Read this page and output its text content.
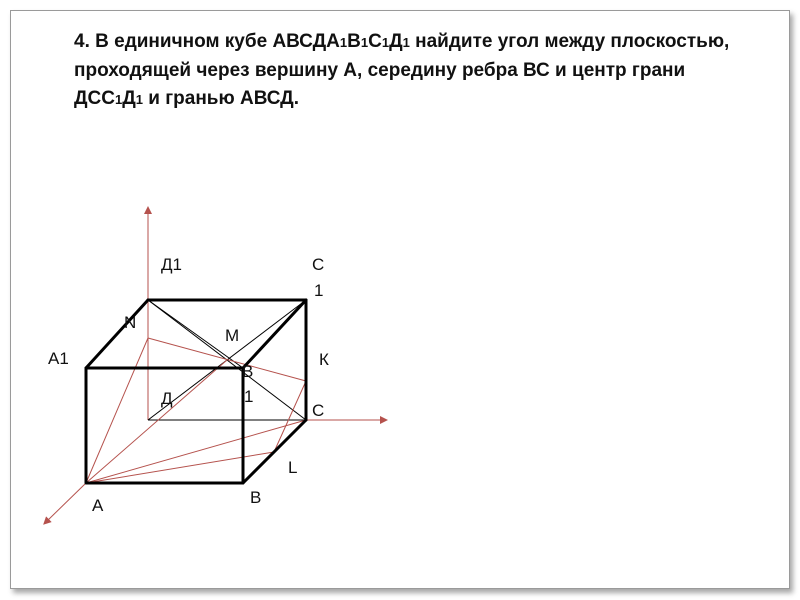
4. В единичном кубе АВСДА1В1С1Д1 найдите угол между плоскостью, проходящей через вершину А, середину ребра ВС и центр грани ДСС1Д1 и гранью АВСД.

Д1	С
1
N
M
А1
В
1
К
Д
С
L
А	В
